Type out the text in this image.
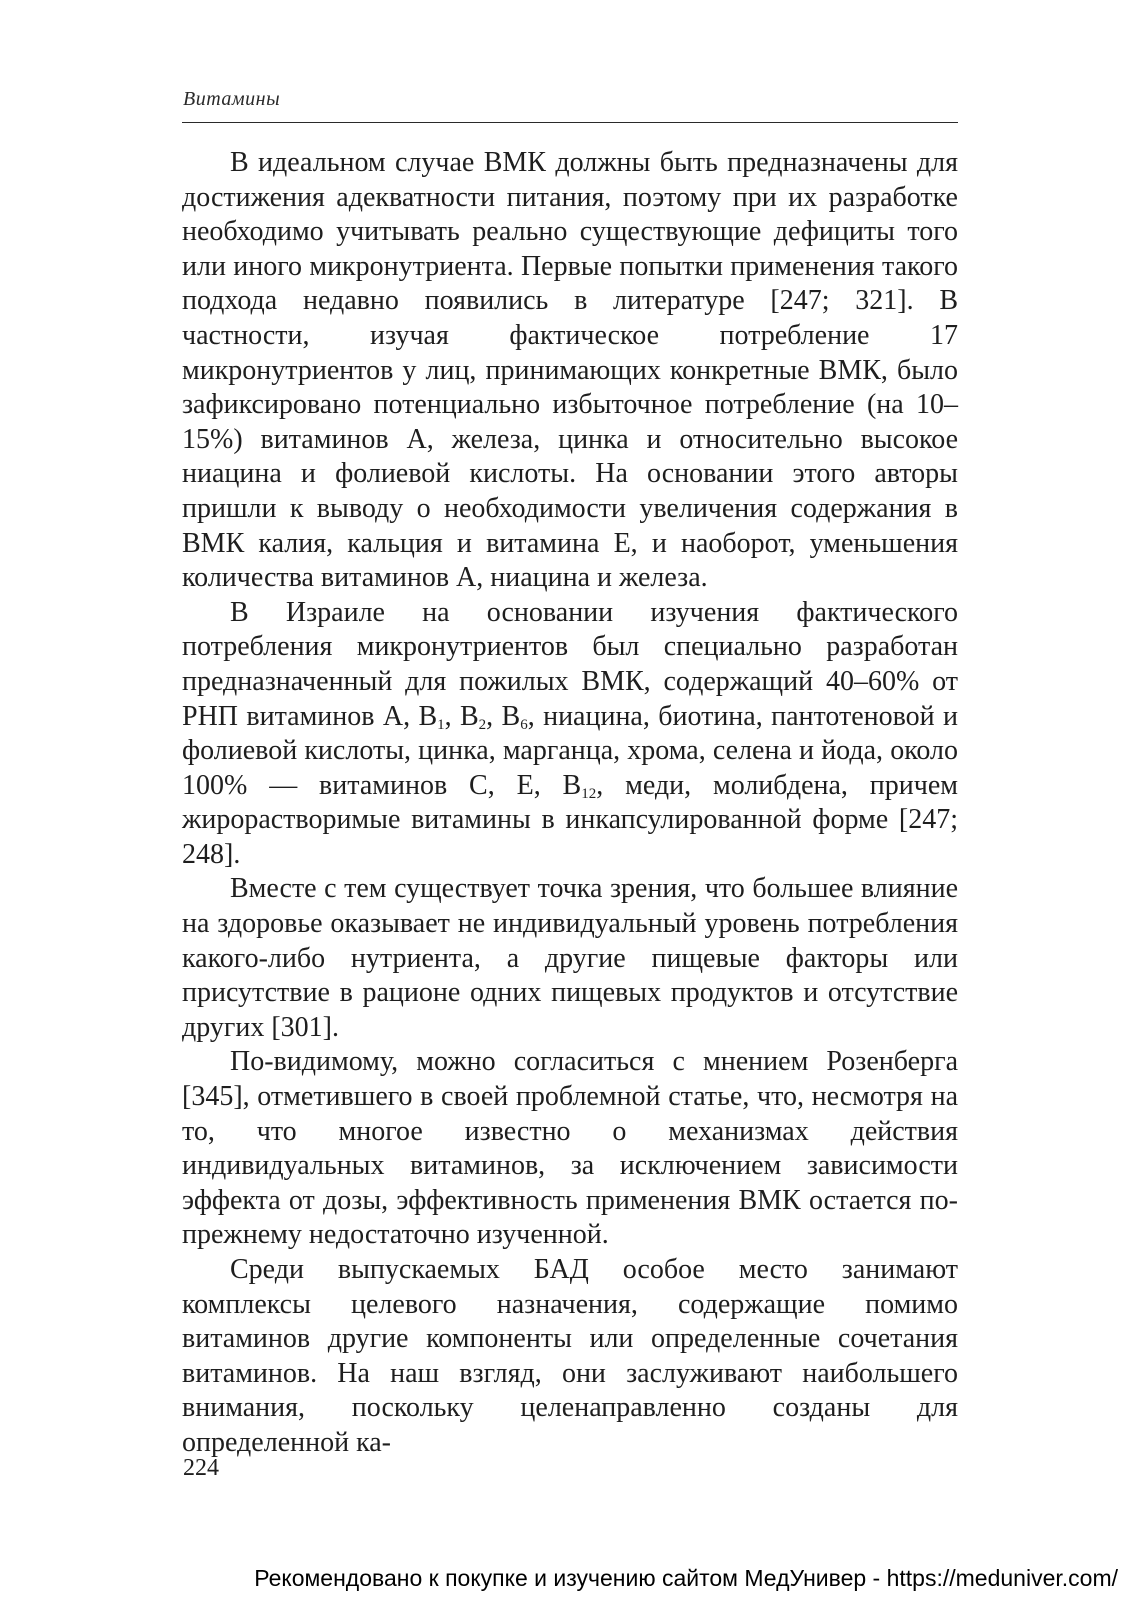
Витамины

В идеальном случае ВМК должны быть предназначены для достижения адекватности питания, поэтому при их разработке необходимо учитывать реально существующие дефициты того или иного микронутриента. Первые попытки применения такого подхода недавно появились в литературе [247; 321]. В частности, изучая фактическое потребление 17 микронутриентов у лиц, принимающих конкретные ВМК, было зафиксировано потенциально избыточное потребление (на 10–15%) витаминов A, железа, цинка и относительно высокое ниацина и фолиевой кислоты. На основании этого авторы пришли к выводу о необходимости увеличения содержания в ВМК калия, кальция и витамина E, и наоборот, уменьшения количества витаминов A, ниацина и железа.

В Израиле на основании изучения фактического потребления микронутриентов был специально разработан предназначенный для пожилых ВМК, содержащий 40–60% от РНП витаминов A, $B_1$, $B_2$, $B_6$, ниацина, биотина, пантотеновой и фолиевой кислоты, цинка, марганца, хрома, селена и йода, около 100% — витаминов C, E, $B_{12}$, меди, молибдена, причем жирорастворимые витамины в инкапсулированной форме [247; 248].

Вместе с тем существует точка зрения, что большее влияние на здоровье оказывает не индивидуальный уровень потребления какого-либо нутриента, а другие пищевые факторы или присутствие в рационе одних пищевых продуктов и отсутствие других [301].

По-видимому, можно согласиться с мнением Розенберга [345], отметившего в своей проблемной статье, что, несмотря на то, что многое известно о механизмах действия индивидуальных витаминов, за исключением зависимости эффекта от дозы, эффективность применения ВМК остается по-прежнему недостаточно изученной.

Среди выпускаемых БАД особое место занимают комплексы целевого назначения, содержащие помимо витаминов другие компоненты или определенные сочетания витаминов. На наш взгляд, они заслуживают наибольшего внимания, поскольку целенаправленно созданы для определенной ка-

224
Рекомендовано к покупке и изучению сайтом МедУнивер - https://meduniver.com/
